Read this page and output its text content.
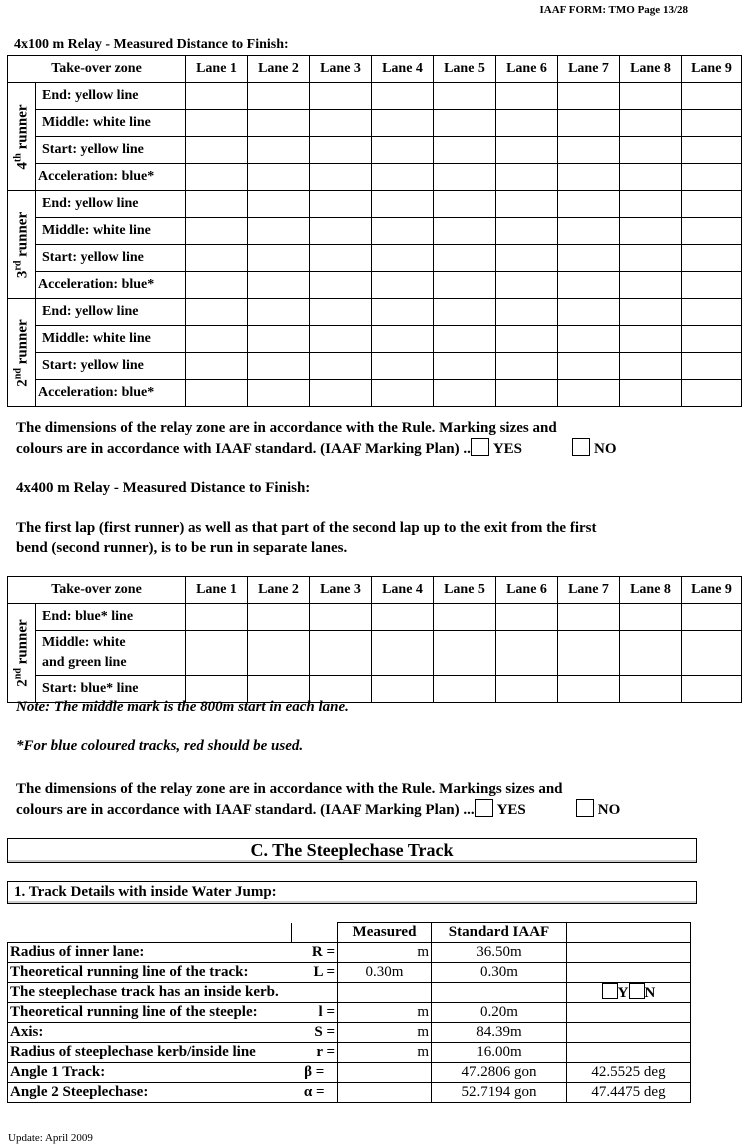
IAAF FORM: TMO Page 13/28
4x100 m Relay - Measured Distance to Finish:
Take-over zone		Lane 1	Lane 2	Lane 3	Lane 4	Lane 5	Lane 6	Lane 7	Lane 8	Lane 9

4th runner	End: yellow line									
	Middle: white line									
	Start: yellow line									
	Acceleration: blue*									

3rd runner	End: yellow line									
	Middle: white line									
	Start: yellow line									
	Acceleration: blue*									

2nd runner	End: yellow line									
	Middle: white line									
	Start: yellow line									
	Acceleration: blue*									
The dimensions of the relay zone are in accordance with the Rule. Marking sizes and
colours are in accordance with IAAF standard. (IAAF Marking Plan) .. YES	NO
4x400 m Relay - Measured Distance to Finish:
The first lap (first runner) as well as that part of the second lap up to the exit from the first
bend (second runner), is to be run in separate lanes.
Take-over zone		Lane 1	Lane 2	Lane 3	Lane 4	Lane 5	Lane 6	Lane 7	Lane 8	Lane 9

2nd runner	End: blue* line									

	Middle: white
and green line									

	Start: blue* line									
Note: The middle mark is the 800m start in each lane.
*For blue coloured tracks, red should be used.
The dimensions of the relay zone are in accordance with the Rule. Markings sizes and
colours are in accordance with IAAF standard. (IAAF Marking Plan) ... YES	NO
C. The Steeplechase Track
1. Track Details with inside Water Jump:
		Measured	Standard IAAF	
Radius of inner lane:	R =	m	36.50m	
Theoretical running line of the track:	L =	0.30m	0.30m	
The steeplechase track has an inside kerb.				Y N
Theoretical running line of the steeple:	l =	m	0.20m	
Axis:	S =	m	84.39m	
Radius of steeplechase kerb/inside line	r =	m	16.00m	
Angle 1 Track:	β =		47.2806 gon	42.5525 deg
Angle 2 Steeplechase:	α =		52.7194 gon	47.4475 deg
Update: April 2009
